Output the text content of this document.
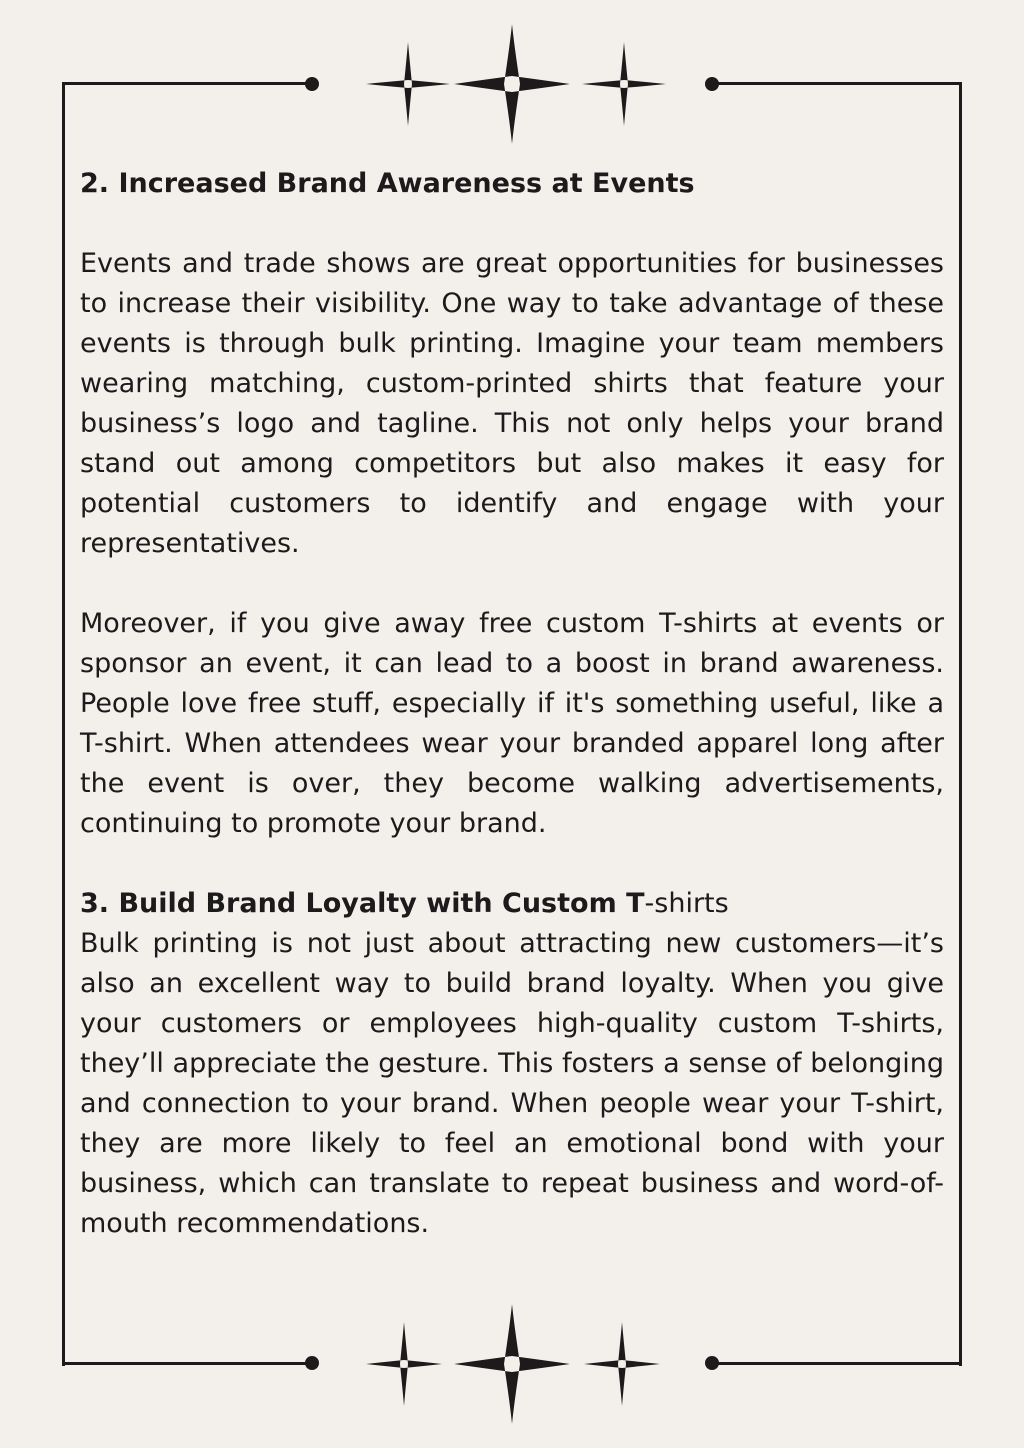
2. Increased Brand Awareness at Events

Events and trade shows are great opportunities for businesses to increase their visibility. One way to take advantage of these events is through bulk printing. Imagine your team members wearing matching, custom-printed shirts that feature your business’s logo and tagline. This not only helps your brand stand out among competitors but also makes it easy for potential customers to identify and engage with your representatives.

Moreover, if you give away free custom T-shirts at events or sponsor an event, it can lead to a boost in brand awareness. People love free stuff, especially if it's something useful, like a T-shirt. When attendees wear your branded apparel long after the event is over, they become walking advertisements, continuing to promote your brand.

3. Build Brand Loyalty with Custom T-shirts

Bulk printing is not just about attracting new customers—it’s also an excellent way to build brand loyalty. When you give your customers or employees high-quality custom T-shirts, they’ll appreciate the gesture. This fosters a sense of belonging and connection to your brand. When people wear your T-shirt, they are more likely to feel an emotional bond with your business, which can translate to repeat business and word-of-mouth recommendations.
